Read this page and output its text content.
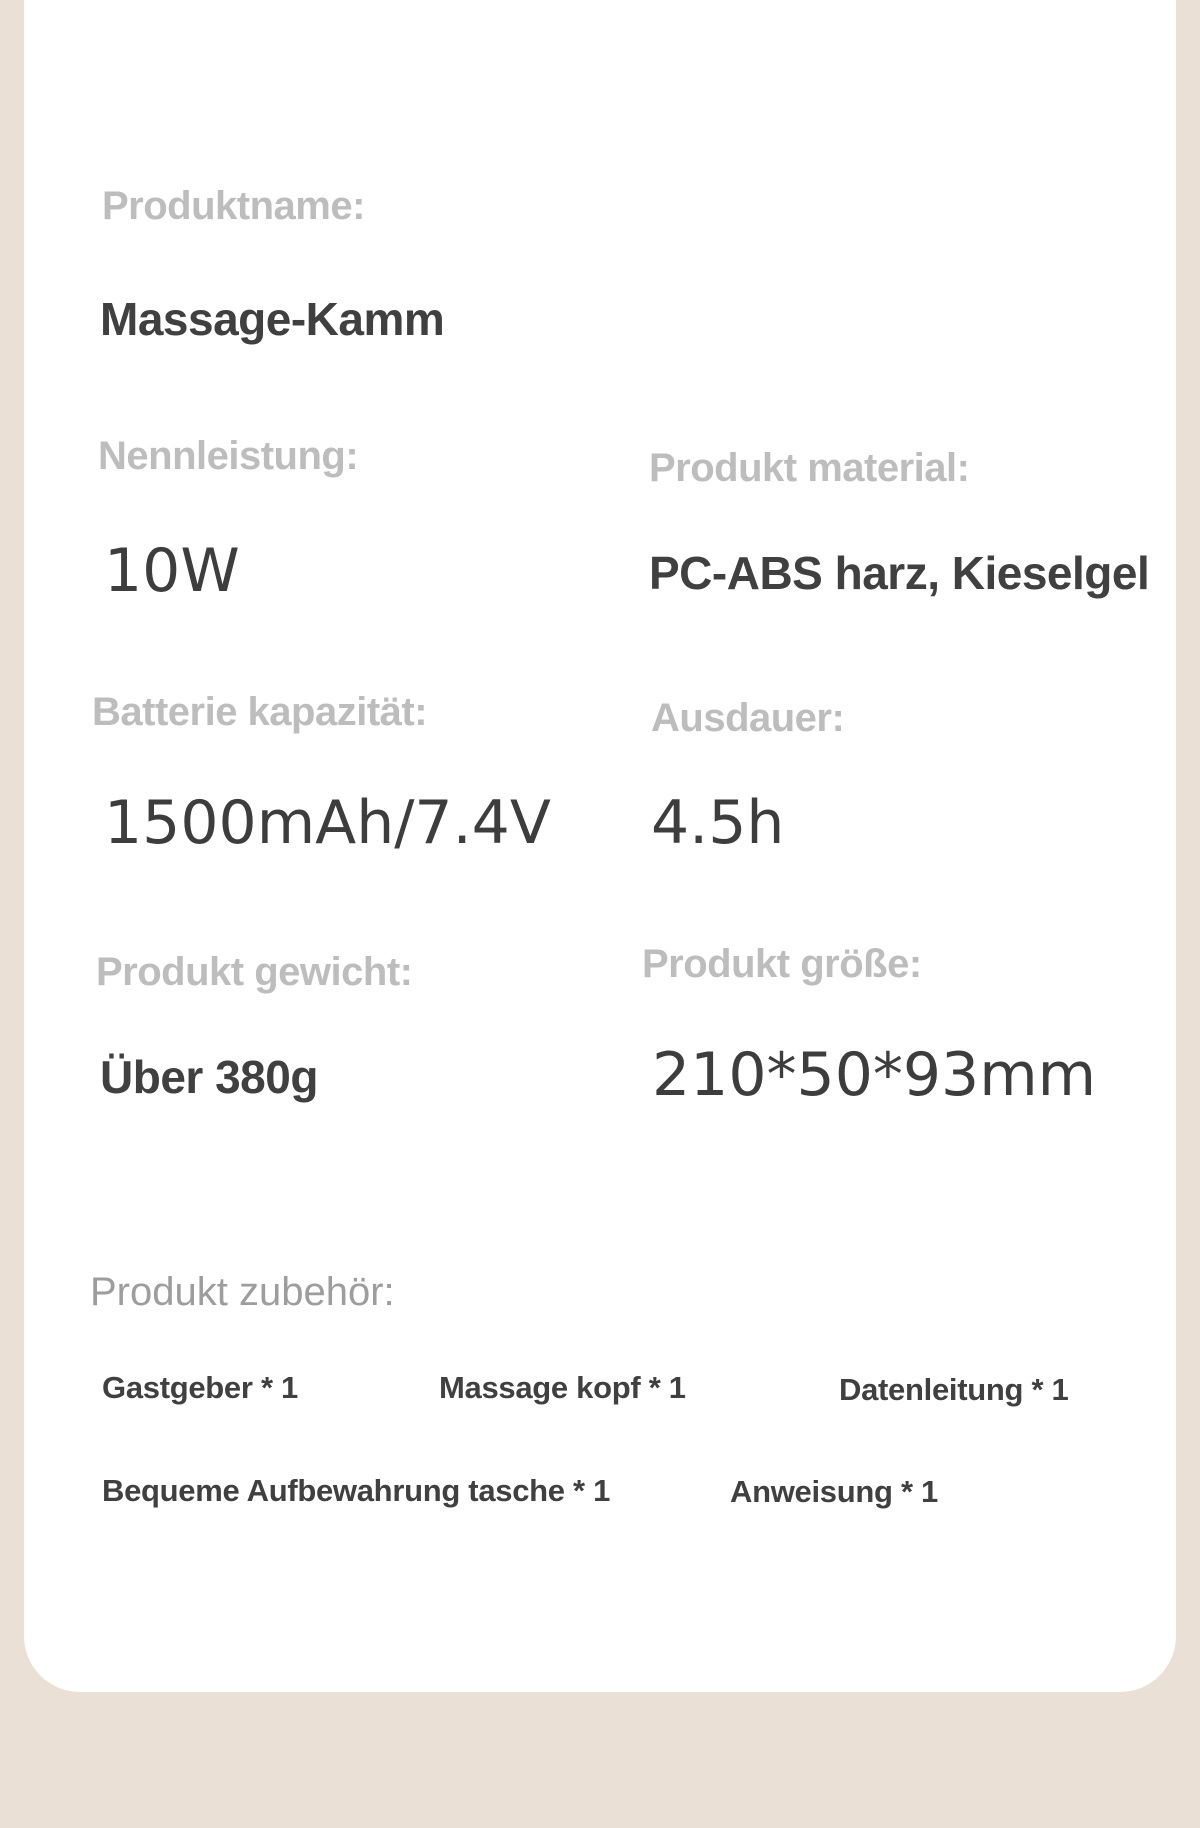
Produktname:
Massage-Kamm
Nennleistung:
10W
Produkt material:
PC-ABS harz, Kieselgel
Batterie kapazität:
1500mAh/7.4V
Ausdauer:
4.5h
Produkt gewicht:
Über 380g
Produkt größe:
210*50*93mm
Produkt zubehör:
Gastgeber * 1	Massage kopf * 1	Datenleitung * 1
Bequeme Aufbewahrung tasche * 1	Anweisung * 1
